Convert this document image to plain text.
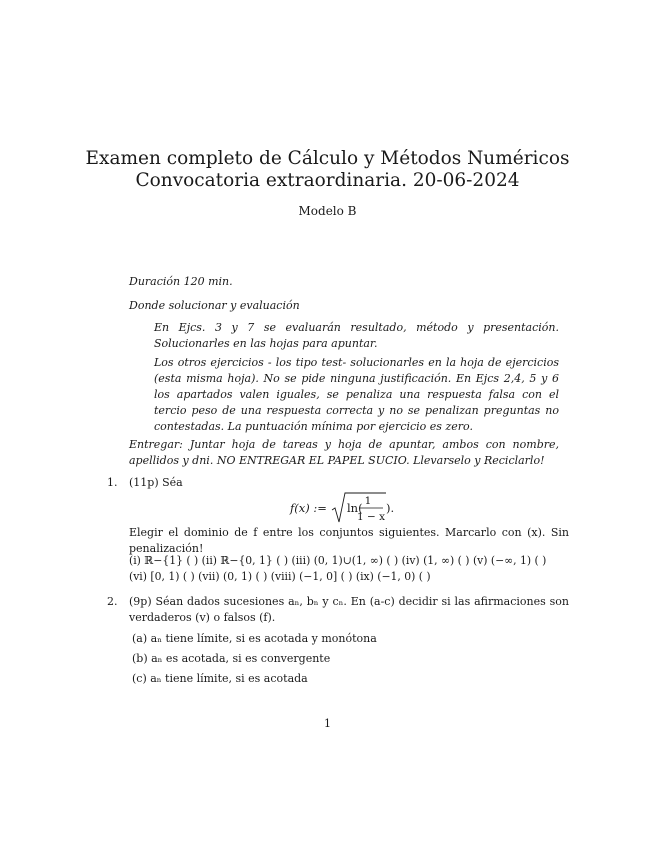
Examen completo de Cálculo y Métodos Numéricos
Convocatoria extraordinaria. 20-06-2024
Modelo B
Duración 120 min.
Donde solucionar y evaluación
En Ejcs. 3 y 7 se evaluarán resultado, método y presentación. Solucionarles en las hojas para apuntar.
Los otros ejercicios - los tipo test- solucionarles en la hoja de ejercicios (esta misma hoja). No se pide ninguna justificación. En Ejcs 2,4, 5 y 6 los apartados valen iguales, se penaliza una respuesta falsa con el tercio peso de una respuesta correcta y no se penalizan preguntas no contestadas. La puntuación mínima por ejercicio es zero.
Entregar: Juntar hoja de tareas y hoja de apuntar, ambos con nombre, apellidos y dni. NO ENTREGAR EL PAPEL SUCIO. Llevarselo y Reciclarlo!
1. (11p) Séa
f(x) := ln( 1
1 − x
).
Elegir el dominio de f entre los conjuntos siguientes. Marcarlo con (x). Sin penalización!
(i) ℝ−{1} ( ) (ii) ℝ−{0, 1} ( ) (iii) (0, 1)∪(1, ∞) ( ) (iv) (1, ∞) ( ) (v) (−∞, 1) ( )
(vi) [0, 1) ( ) (vii) (0, 1) ( ) (viii) (−1, 0] ( ) (ix) (−1, 0) ( )
2. (9p) Séan dados sucesiones aₙ, bₙ y cₙ. En (a-c) decidir si las afirmaciones son verdaderos (v) o falsos (f).
(a) aₙ tiene límite, si es acotada y monótona
(b) aₙ es acotada, si es convergente
(c) aₙ tiene límite, si es acotada
1
